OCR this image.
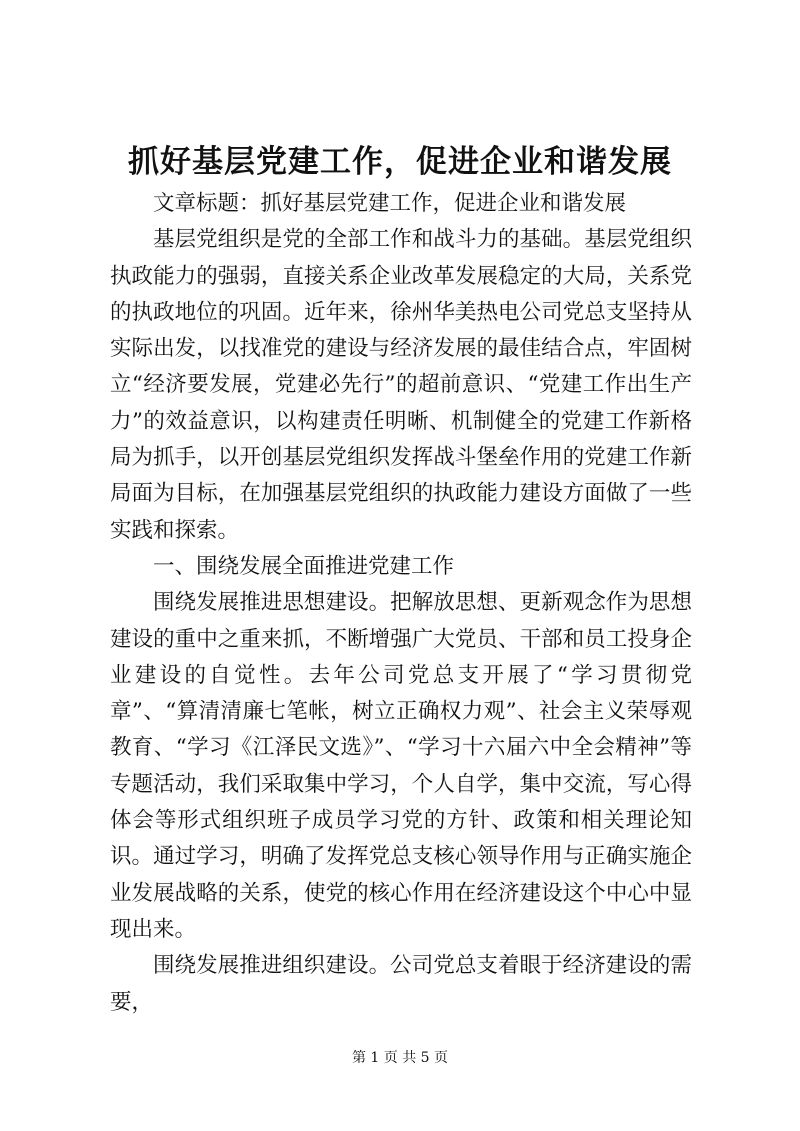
抓好基层党建工作，促进企业和谐发展

文章标题：抓好基层党建工作，促进企业和谐发展

基层党组织是党的全部工作和战斗力的基础。基层党组织执政能力的强弱，直接关系企业改革发展稳定的大局，关系党的执政地位的巩固。近年来，徐州华美热电公司党总支坚持从实际出发，以找准党的建设与经济发展的最佳结合点，牢固树立“经济要发展，党建必先行”的超前意识、“党建工作出生产力”的效益意识，以构建责任明晰、机制健全的党建工作新格局为抓手，以开创基层党组织发挥战斗堡垒作用的党建工作新局面为目标，在加强基层党组织的执政能力建设方面做了一些实践和探索。

一、围绕发展全面推进党建工作

围绕发展推进思想建设。把解放思想、更新观念作为思想建设的重中之重来抓，不断增强广大党员、干部和员工投身企业建设的自觉性。去年公司党总支开展了“学习贯彻党章”、“算清清廉七笔帐，树立正确权力观”、社会主义荣辱观教育、“学习《江泽民文选》”、“学习十六届六中全会精神”等专题活动，我们采取集中学习，个人自学，集中交流，写心得体会等形式组织班子成员学习党的方针、政策和相关理论知识。通过学习，明确了发挥党总支核心领导作用与正确实施企业发展战略的关系，使党的核心作用在经济建设这个中心中显现出来。

围绕发展推进组织建设。公司党总支着眼于经济建设的需要，

第 1 页 共 5 页
